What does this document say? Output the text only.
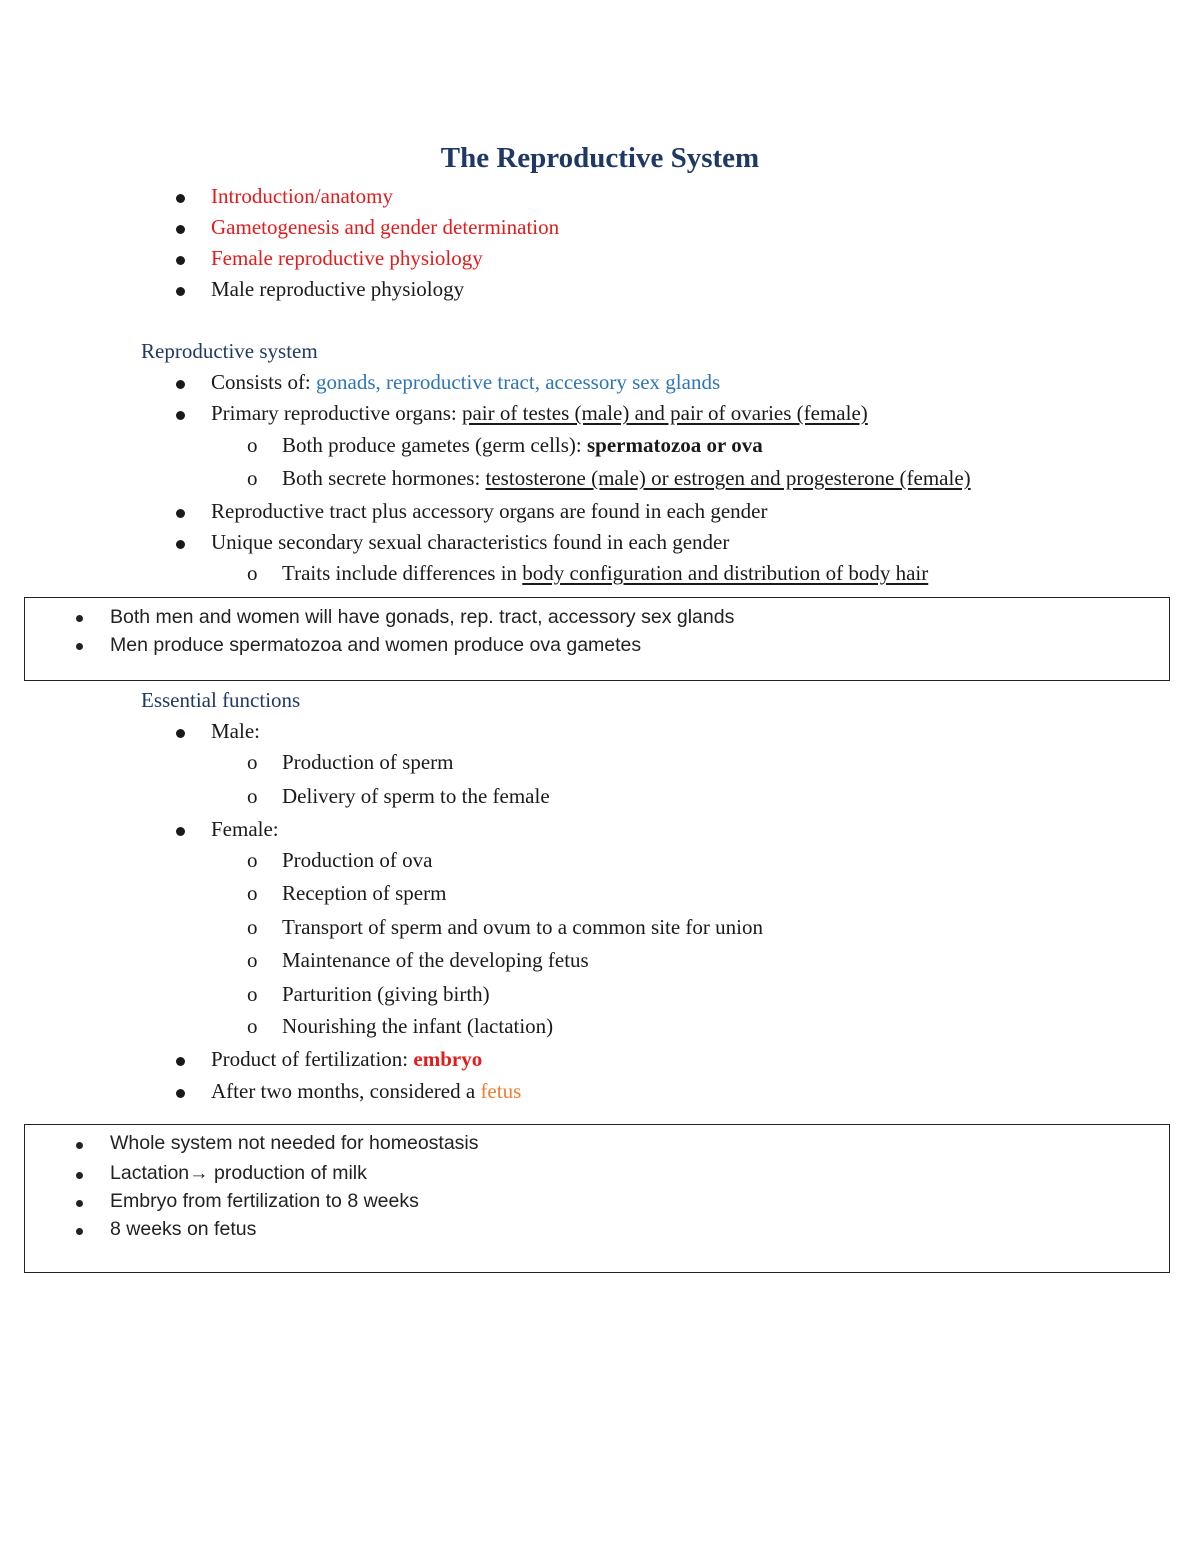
The Reproductive System
Introduction/anatomy
Gametogenesis and gender determination
Female reproductive physiology
Male reproductive physiology
Reproductive system
Consists of: gonads, reproductive tract, accessory sex glands
Primary reproductive organs: pair of testes (male) and pair of ovaries (female)
o Both produce gametes (germ cells): spermatozoa or ova
o Both secrete hormones: testosterone (male) or estrogen and progesterone (female)
Reproductive tract plus accessory organs are found in each gender
Unique secondary sexual characteristics found in each gender
o Traits include differences in body configuration and distribution of body hair
Both men and women will have gonads, rep. tract, accessory sex glands
Men produce spermatozoa and women produce ova gametes
Essential functions
Male:
o Production of sperm
o Delivery of sperm to the female
Female:
o Production of ova
o Reception of sperm
o Transport of sperm and ovum to a common site for union
o Maintenance of the developing fetus
o Parturition (giving birth)
o Nourishing the infant (lactation)
Product of fertilization: embryo
After two months, considered a fetus
Whole system not needed for homeostasis
Lactation→ production of milk
Embryo from fertilization to 8 weeks
8 weeks on fetus
